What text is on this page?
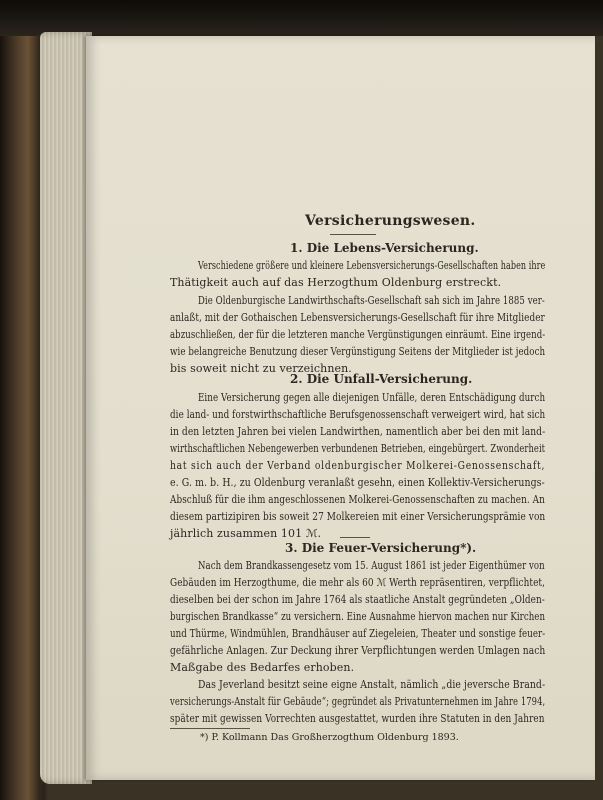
Versicherungswesen.
1. Die Lebens-Versicherung.
Verschiedene größere und kleinere Lebensversicherungs-Gesellschaften haben ihre
Thätigkeit auch auf das Herzogthum Oldenburg erstreckt.
Die Oldenburgische Landwirthschafts-Gesellschaft sah sich im Jahre 1885 ver-
anlaßt, mit der Gothaischen Lebensversicherungs-Gesellschaft für ihre Mitglieder
abzuschließen, der für die letzteren manche Vergünstigungen einräumt. Eine irgend-
wie belangreiche Benutzung dieser Vergünstigung Seitens der Mitglieder ist jedoch
bis soweit nicht zu verzeichnen.
2. Die Unfall-Versicherung.
Eine Versicherung gegen alle diejenigen Unfälle, deren Entschädigung durch
die land- und forstwirthschaftliche Berufsgenossenschaft verweigert wird, hat sich
in den letzten Jahren bei vielen Landwirthen, namentlich aber bei den mit land-
wirthschaftlichen Nebengewerben verbundenen Betrieben, eingebürgert. Zwonderheit
hat sich auch der Verband oldenburgischer Molkerei-Genossenschaft,
e. G. m. b. H., zu Oldenburg veranlaßt gesehn, einen Kollektiv-Versicherungs-
Abschluß für die ihm angeschlossenen Molkerei-Genossenschaften zu machen. An
diesem partizipiren bis soweit 27 Molkereien mit einer Versicherungsprämie von
jährlich zusammen 101 ℳ.
3. Die Feuer-Versicherung*).
Nach dem Brandkassengesetz vom 15. August 1861 ist jeder Eigenthümer von
Gebäuden im Herzogthume, die mehr als 60 ℳ Werth repräsentiren, verpflichtet,
dieselben bei der schon im Jahre 1764 als staatliche Anstalt gegründeten „Olden-
burgischen Brandkasse“ zu versichern. Eine Ausnahme hiervon machen nur Kirchen
und Thürme, Windmühlen, Brandhäuser auf Ziegeleien, Theater und sonstige feuer-
gefährliche Anlagen. Zur Deckung ihrer Verpflichtungen werden Umlagen nach
Maßgabe des Bedarfes erhoben.
Das Jeverland besitzt seine eigne Anstalt, nämlich „die jeversche Brand-
versicherungs-Anstalt für Gebäude“; gegründet als Privatunternehmen im Jahre 1794,
später mit gewissen Vorrechten ausgestattet, wurden ihre Statuten in den Jahren
*) P. Kollmann Das Großherzogthum Oldenburg 1893.
